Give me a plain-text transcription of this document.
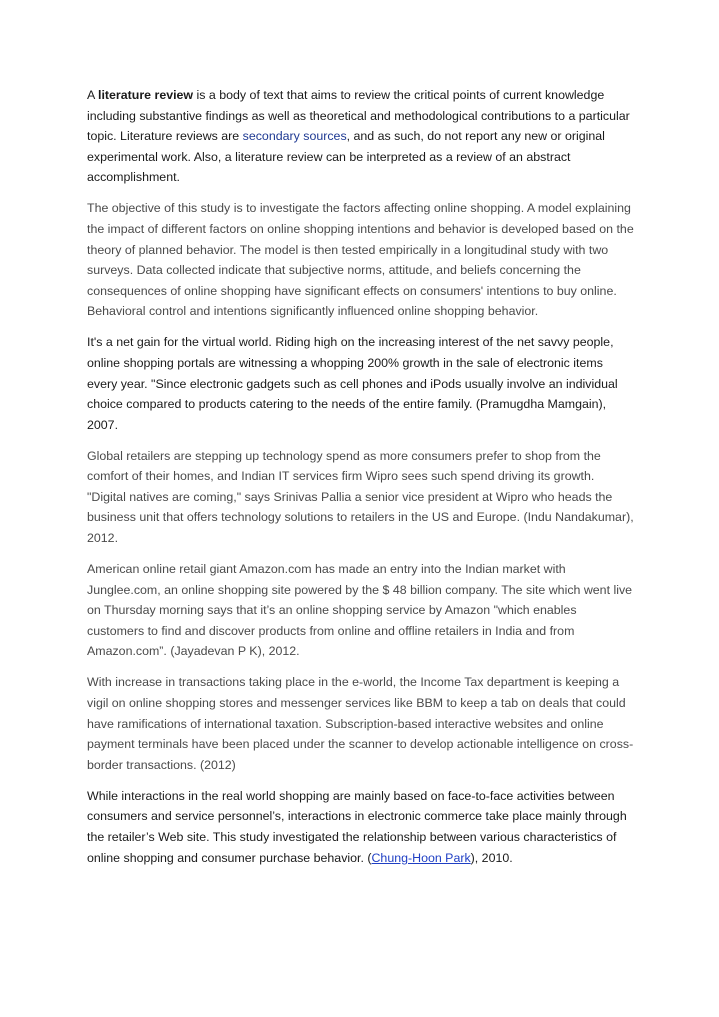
A literature review is a body of text that aims to review the critical points of current knowledge including substantive findings as well as theoretical and methodological contributions to a particular topic. Literature reviews are secondary sources, and as such, do not report any new or original experimental work. Also, a literature review can be interpreted as a review of an abstract accomplishment.

The objective of this study is to investigate the factors affecting online shopping. A model explaining the impact of different factors on online shopping intentions and behavior is developed based on the theory of planned behavior. The model is then tested empirically in a longitudinal study with two surveys. Data collected indicate that subjective norms, attitude, and beliefs concerning the consequences of online shopping have significant effects on consumers' intentions to buy online. Behavioral control and intentions significantly influenced online shopping behavior.

It's a net gain for the virtual world. Riding high on the increasing interest of the net savvy people, online shopping portals are witnessing a whopping 200% growth in the sale of electronic items every year. "Since electronic gadgets such as cell phones and iPods usually involve an individual choice compared to products catering to the needs of the entire family. (Pramugdha Mamgain), 2007.

Global retailers are stepping up technology spend as more consumers prefer to shop from the comfort of their homes, and Indian IT services firm Wipro sees such spend driving its growth. "Digital natives are coming," says Srinivas Pallia a senior vice president at Wipro who heads the business unit that offers technology solutions to retailers in the US and Europe. (Indu Nandakumar), 2012.

American online retail giant Amazon.com has made an entry into the Indian market with Junglee.com, an online shopping site powered by the $ 48 billion company. The site which went live on Thursday morning says that it’s an online shopping service by Amazon "which enables customers to find and discover products from online and offline retailers in India and from Amazon.com”. (Jayadevan P K), 2012.

With increase in transactions taking place in the e-world, the Income Tax department is keeping a vigil on online shopping stores and messenger services like BBM to keep a tab on deals that could have ramifications of international taxation. Subscription-based interactive websites and online payment terminals have been placed under the scanner to develop actionable intelligence on cross-border transactions. (2012)

While interactions in the real world shopping are mainly based on face-to-face activities between consumers and service personnel’s, interactions in electronic commerce take place mainly through the retailer’s Web site. This study investigated the relationship between various characteristics of online shopping and consumer purchase behavior. (Chung-Hoon Park), 2010.
